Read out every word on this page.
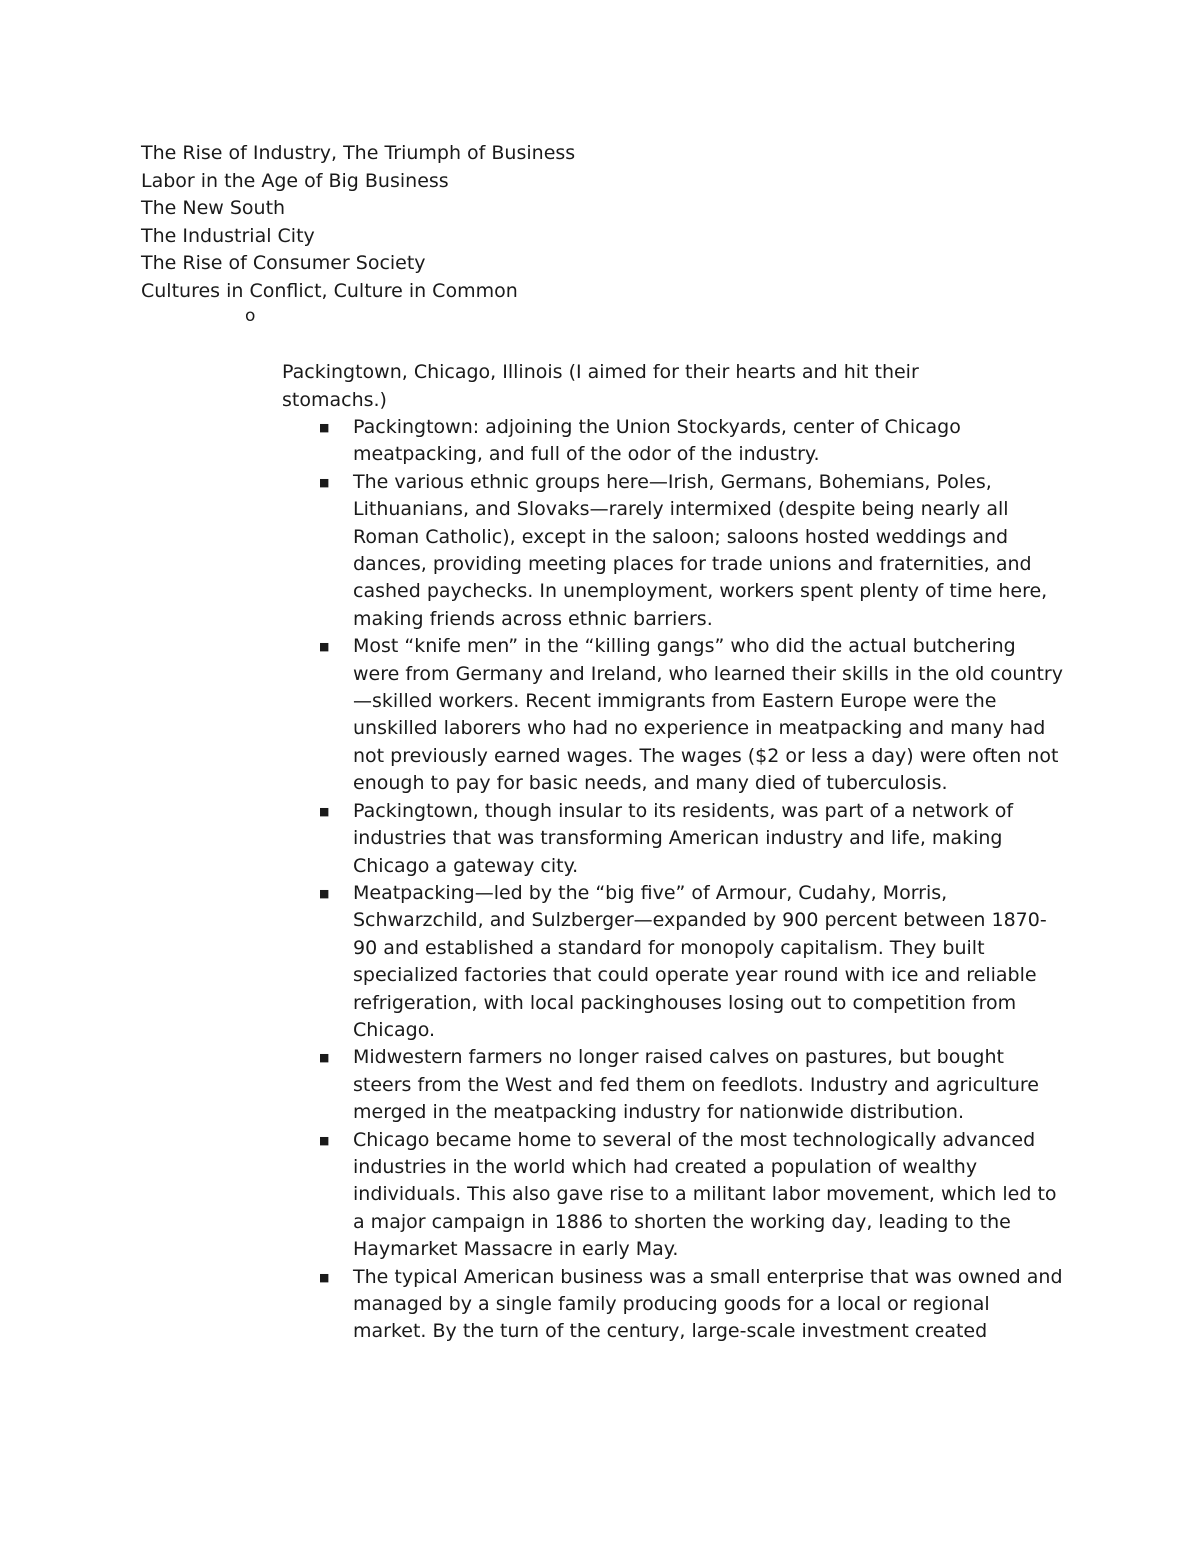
The Rise of Industry, The Triumph of Business
Labor in the Age of Big Business
The New South
The Industrial City
The Rise of Consumer Society
Cultures in Conflict, Culture in Common
o

Packingtown, Chicago, Illinois (I aimed for their hearts and hit their stomachs.)

■ Packingtown: adjoining the Union Stockyards, center of Chicago meatpacking, and full of the odor of the industry.
■ The various ethnic groups here—Irish, Germans, Bohemians, Poles, Lithuanians, and Slovaks—rarely intermixed (despite being nearly all Roman Catholic), except in the saloon; saloons hosted weddings and dances, providing meeting places for trade unions and fraternities, and cashed paychecks. In unemployment, workers spent plenty of time here, making friends across ethnic barriers.
■ Most “knife men” in the “killing gangs” who did the actual butchering were from Germany and Ireland, who learned their skills in the old country—skilled workers. Recent immigrants from Eastern Europe were the unskilled laborers who had no experience in meatpacking and many had not previously earned wages. The wages ($2 or less a day) were often not enough to pay for basic needs, and many died of tuberculosis.
■ Packingtown, though insular to its residents, was part of a network of industries that was transforming American industry and life, making Chicago a gateway city.
■ Meatpacking—led by the “big five” of Armour, Cudahy, Morris, Schwarzchild, and Sulzberger—expanded by 900 percent between 1870-90 and established a standard for monopoly capitalism. They built specialized factories that could operate year round with ice and reliable refrigeration, with local packinghouses losing out to competition from Chicago.
■ Midwestern farmers no longer raised calves on pastures, but bought steers from the West and fed them on feedlots. Industry and agriculture merged in the meatpacking industry for nationwide distribution.
■ Chicago became home to several of the most technologically advanced industries in the world which had created a population of wealthy individuals. This also gave rise to a militant labor movement, which led to a major campaign in 1886 to shorten the working day, leading to the Haymarket Massacre in early May.
■ The typical American business was a small enterprise that was owned and managed by a single family producing goods for a local or regional market. By the turn of the century, large-scale investment created
